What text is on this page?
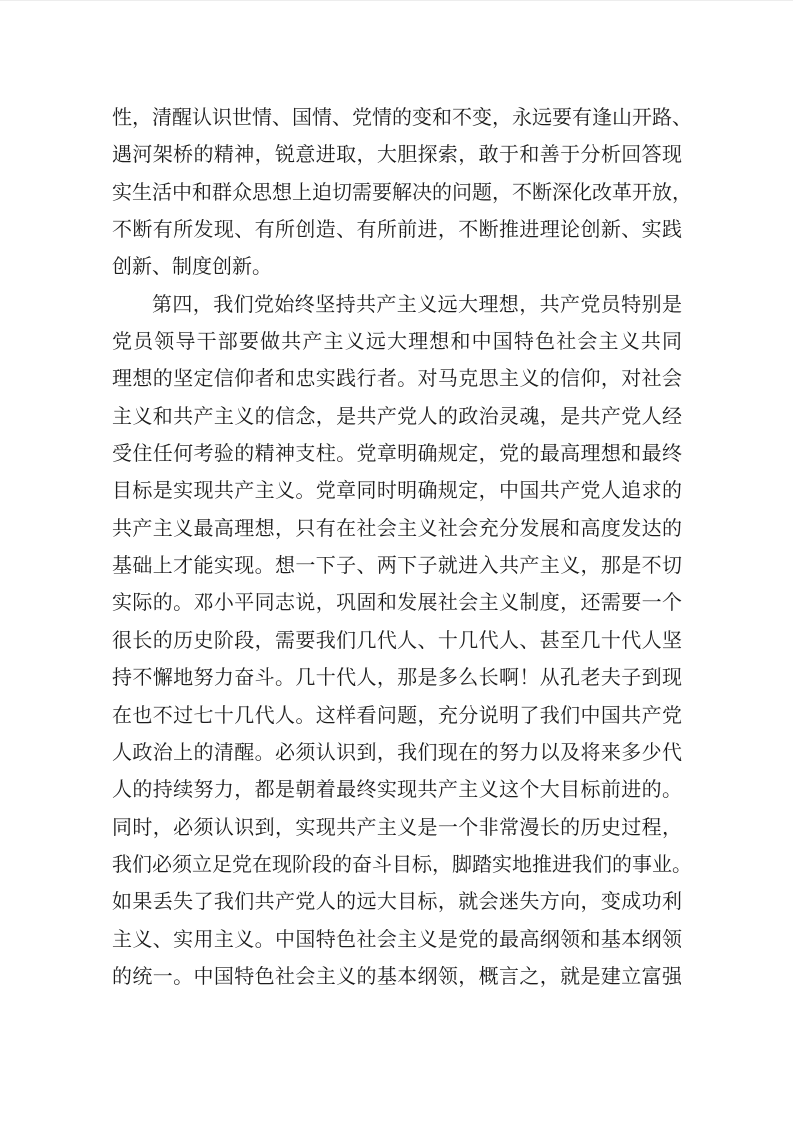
性，清醒认识世情、国情、党情的变和不变，永远要有逢山开路、
遇河架桥的精神，锐意进取，大胆探索，敢于和善于分析回答现
实生活中和群众思想上迫切需要解决的问题，不断深化改革开放，
不断有所发现、有所创造、有所前进，不断推进理论创新、实践
创新、制度创新。
第四，我们党始终坚持共产主义远大理想，共产党员特别是
党员领导干部要做共产主义远大理想和中国特色社会主义共同
理想的坚定信仰者和忠实践行者。对马克思主义的信仰，对社会
主义和共产主义的信念，是共产党人的政治灵魂，是共产党人经
受住任何考验的精神支柱。党章明确规定，党的最高理想和最终
目标是实现共产主义。党章同时明确规定，中国共产党人追求的
共产主义最高理想，只有在社会主义社会充分发展和高度发达的
基础上才能实现。想一下子、两下子就进入共产主义，那是不切
实际的。邓小平同志说，巩固和发展社会主义制度，还需要一个
很长的历史阶段，需要我们几代人、十几代人、甚至几十代人坚
持不懈地努力奋斗。几十代人，那是多么长啊！从孔老夫子到现
在也不过七十几代人。这样看问题，充分说明了我们中国共产党
人政治上的清醒。必须认识到，我们现在的努力以及将来多少代
人的持续努力，都是朝着最终实现共产主义这个大目标前进的。
同时，必须认识到，实现共产主义是一个非常漫长的历史过程，
我们必须立足党在现阶段的奋斗目标，脚踏实地推进我们的事业。
如果丢失了我们共产党人的远大目标，就会迷失方向，变成功利
主义、实用主义。中国特色社会主义是党的最高纲领和基本纲领
的统一。中国特色社会主义的基本纲领，概言之，就是建立富强
